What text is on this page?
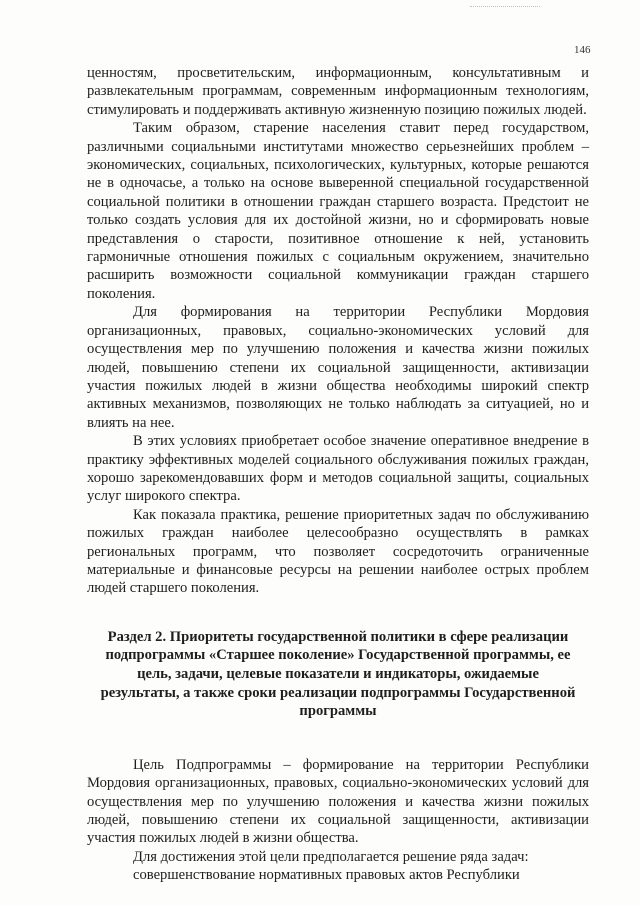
146

ценностям, просветительским, информационным, консультативным и развлекательным программам, современным информационным технологиям, стимулировать и поддерживать активную жизненную позицию пожилых людей.

Таким образом, старение населения ставит перед государством, различными социальными институтами множество серьезнейших проблем – экономических, социальных, психологических, культурных, которые решаются не в одночасье, а только на основе выверенной специальной государственной социальной политики в отношении граждан старшего возраста. Предстоит не только создать условия для их достойной жизни, но и сформировать новые представления о старости, позитивное отношение к ней, установить гармоничные отношения пожилых с социальным окружением, значительно расширить возможности социальной коммуникации граждан старшего поколения.

Для формирования на территории Республики Мордовия организационных, правовых, социально-экономических условий для осуществления мер по улучшению положения и качества жизни пожилых людей, повышению степени их социальной защищенности, активизации участия пожилых людей в жизни общества необходимы широкий спектр активных механизмов, позволяющих не только наблюдать за ситуацией, но и влиять на нее.

В этих условиях приобретает особое значение оперативное внедрение в практику эффективных моделей социального обслуживания пожилых граждан, хорошо зарекомендовавших форм и методов социальной защиты, социальных услуг широкого спектра.

Как показала практика, решение приоритетных задач по обслуживанию пожилых граждан наиболее целесообразно осуществлять в рамках региональных программ, что позволяет сосредоточить ограниченные материальные и финансовые ресурсы на решении наиболее острых проблем людей старшего поколения.

Раздел 2. Приоритеты государственной политики в сфере реализации
подпрограммы «Старшее поколение» Государственной программы, ее
цель, задачи, целевые показатели и индикаторы, ожидаемые
результаты, а также сроки реализации подпрограммы Государственной
программы

Цель Подпрограммы – формирование на территории Республики Мордовия организационных, правовых, социально-экономических условий для осуществления мер по улучшению положения и качества жизни пожилых людей, повышению степени их социальной защищенности, активизации участия пожилых людей в жизни общества.

Для достижения этой цели предполагается решение ряда задач:

совершенствование нормативных правовых актов Республики
